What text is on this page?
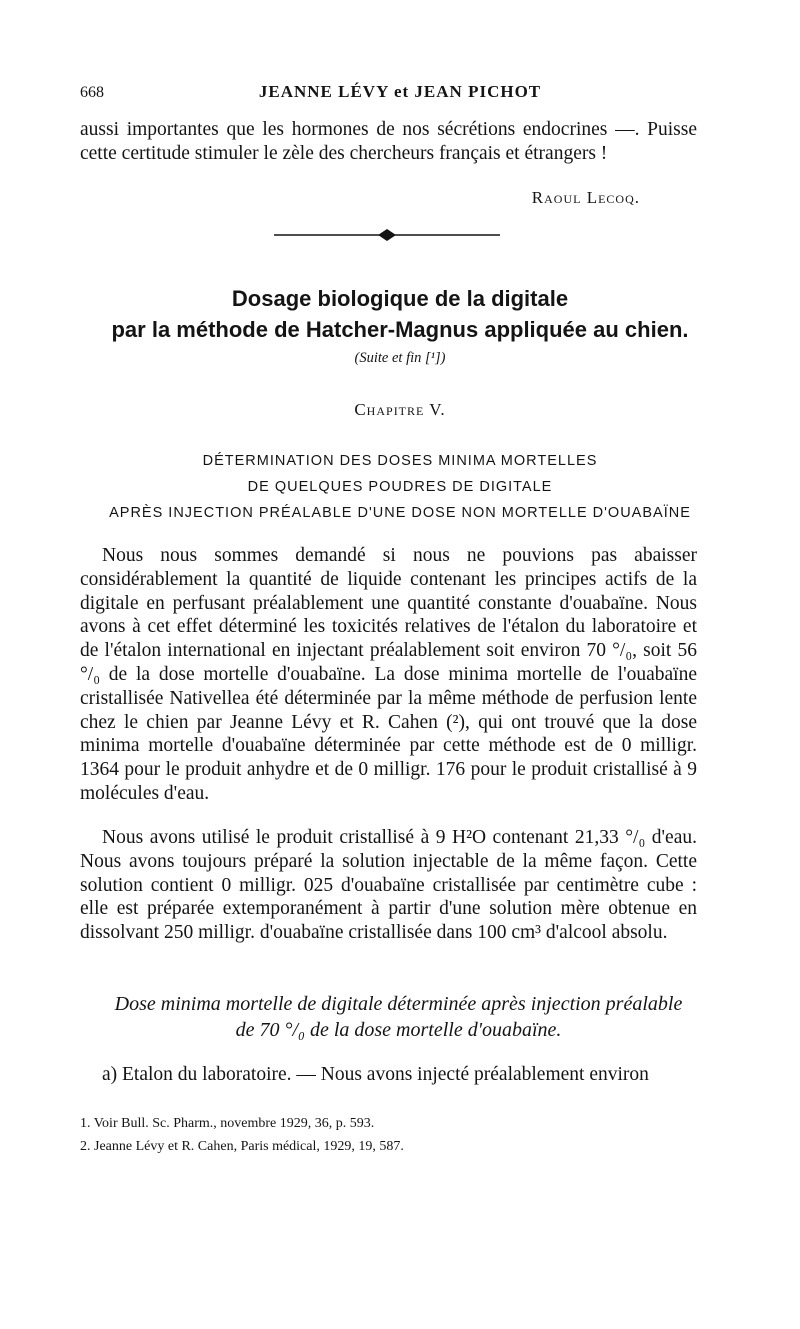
668	JEANNE LÉVY et JEAN PICHOT
aussi importantes que les hormones de nos sécrétions endocrines —. Puisse cette certitude stimuler le zèle des chercheurs français et étrangers !
Raoul Lecoq.
Dosage biologique de la digitale
par la méthode de Hatcher-Magnus appliquée au chien.
(Suite et fin [¹])
Chapitre V.
DÉTERMINATION DES DOSES MINIMA MORTELLES
DE QUELQUES POUDRES DE DIGITALE
APRÈS INJECTION PRÉALABLE D'UNE DOSE NON MORTELLE D'OUABAÏNE
Nous nous sommes demandé si nous ne pouvions pas abaisser considérablement la quantité de liquide contenant les principes actifs de la digitale en perfusant préalablement une quantité constante d'ouabaïne. Nous avons à cet effet déterminé les toxicités relatives de l'étalon du laboratoire et de l'étalon international en injectant préalablement soit environ 70 °/₀, soit 56 °/₀ de la dose mortelle d'ouabaïne. La dose minima mortelle de l'ouabaïne cristallisée Nativellea été déterminée par la même méthode de perfusion lente chez le chien par Jeanne Lévy et R. Cahen (²), qui ont trouvé que la dose minima mortelle d'ouabaïne déterminée par cette méthode est de 0 milligr. 1364 pour le produit anhydre et de 0 milligr. 176 pour le produit cristallisé à 9 molécules d'eau.
Nous avons utilisé le produit cristallisé à 9 H²O contenant 21,33 °/₀ d'eau. Nous avons toujours préparé la solution injectable de la même façon. Cette solution contient 0 milligr. 025 d'ouabaïne cristallisée par centimètre cube : elle est préparée extemporanément à partir d'une solution mère obtenue en dissolvant 250 milligr. d'ouabaïne cristallisée dans 100 cm³ d'alcool absolu.
Dose minima mortelle de digitale déterminée après injection préalable
de 70 °/₀ de la dose mortelle d'ouabaïne.
a) Etalon du laboratoire. — Nous avons injecté préalablement environ
1. Voir Bull. Sc. Pharm., novembre 1929, 36, p. 593.
2. Jeanne Lévy et R. Cahen, Paris médical, 1929, 19, 587.
